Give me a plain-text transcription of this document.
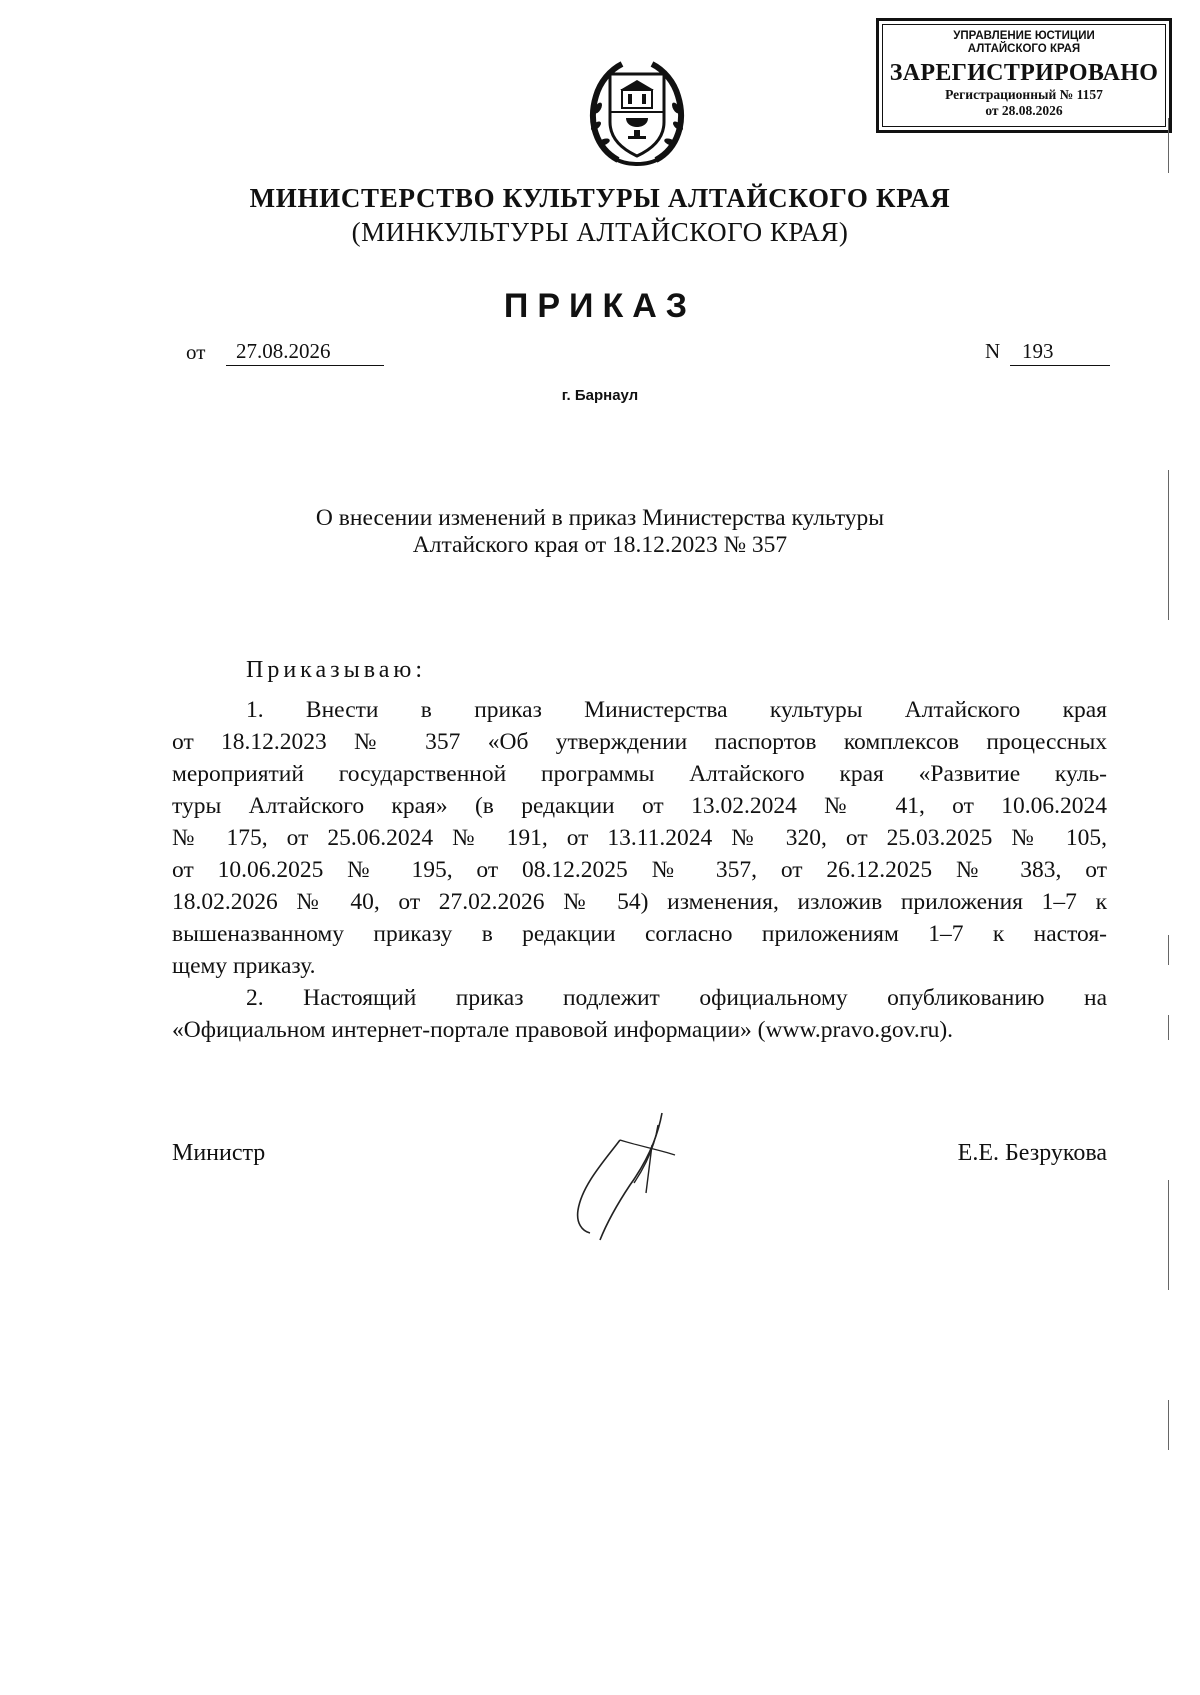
УПРАВЛЕНИЕ ЮСТИЦИИ
АЛТАЙСКОГО КРАЯ
ЗАРЕГИСТРИРОВАНО
Регистрационный № 1157
от 28.08.2026
МИНИСТЕРСТВО КУЛЬТУРЫ АЛТАЙСКОГО КРАЯ
(МИНКУЛЬТУРЫ АЛТАЙСКОГО КРАЯ)
ПРИКАЗ
от	27.08.2026	N	193
г. Барнаул
О внесении изменений в приказ Министерства культуры
Алтайского края от 18.12.2023 № 357
Приказываю:
1. Внести в приказ Министерства культуры Алтайского края
от 18.12.2023 № 357 «Об утверждении паспортов комплексов процессных
мероприятий государственной программы Алтайского края «Развитие куль-
туры Алтайского края» (в редакции от 13.02.2024 № 41, от 10.06.2024
№ 175, от 25.06.2024 № 191, от 13.11.2024 № 320, от 25.03.2025 № 105,
от 10.06.2025 № 195, от 08.12.2025 № 357, от 26.12.2025 № 383, от
18.02.2026 № 40, от 27.02.2026 № 54) изменения, изложив приложения 1–7 к
вышеназванному приказу в редакции согласно приложениям 1–7 к настоя-
щему приказу.
2. Настоящий приказ подлежит официальному опубликованию на
«Официальном интернет-портале правовой информации» (www.pravo.gov.ru).
Министр	Е.Е. Безрукова
